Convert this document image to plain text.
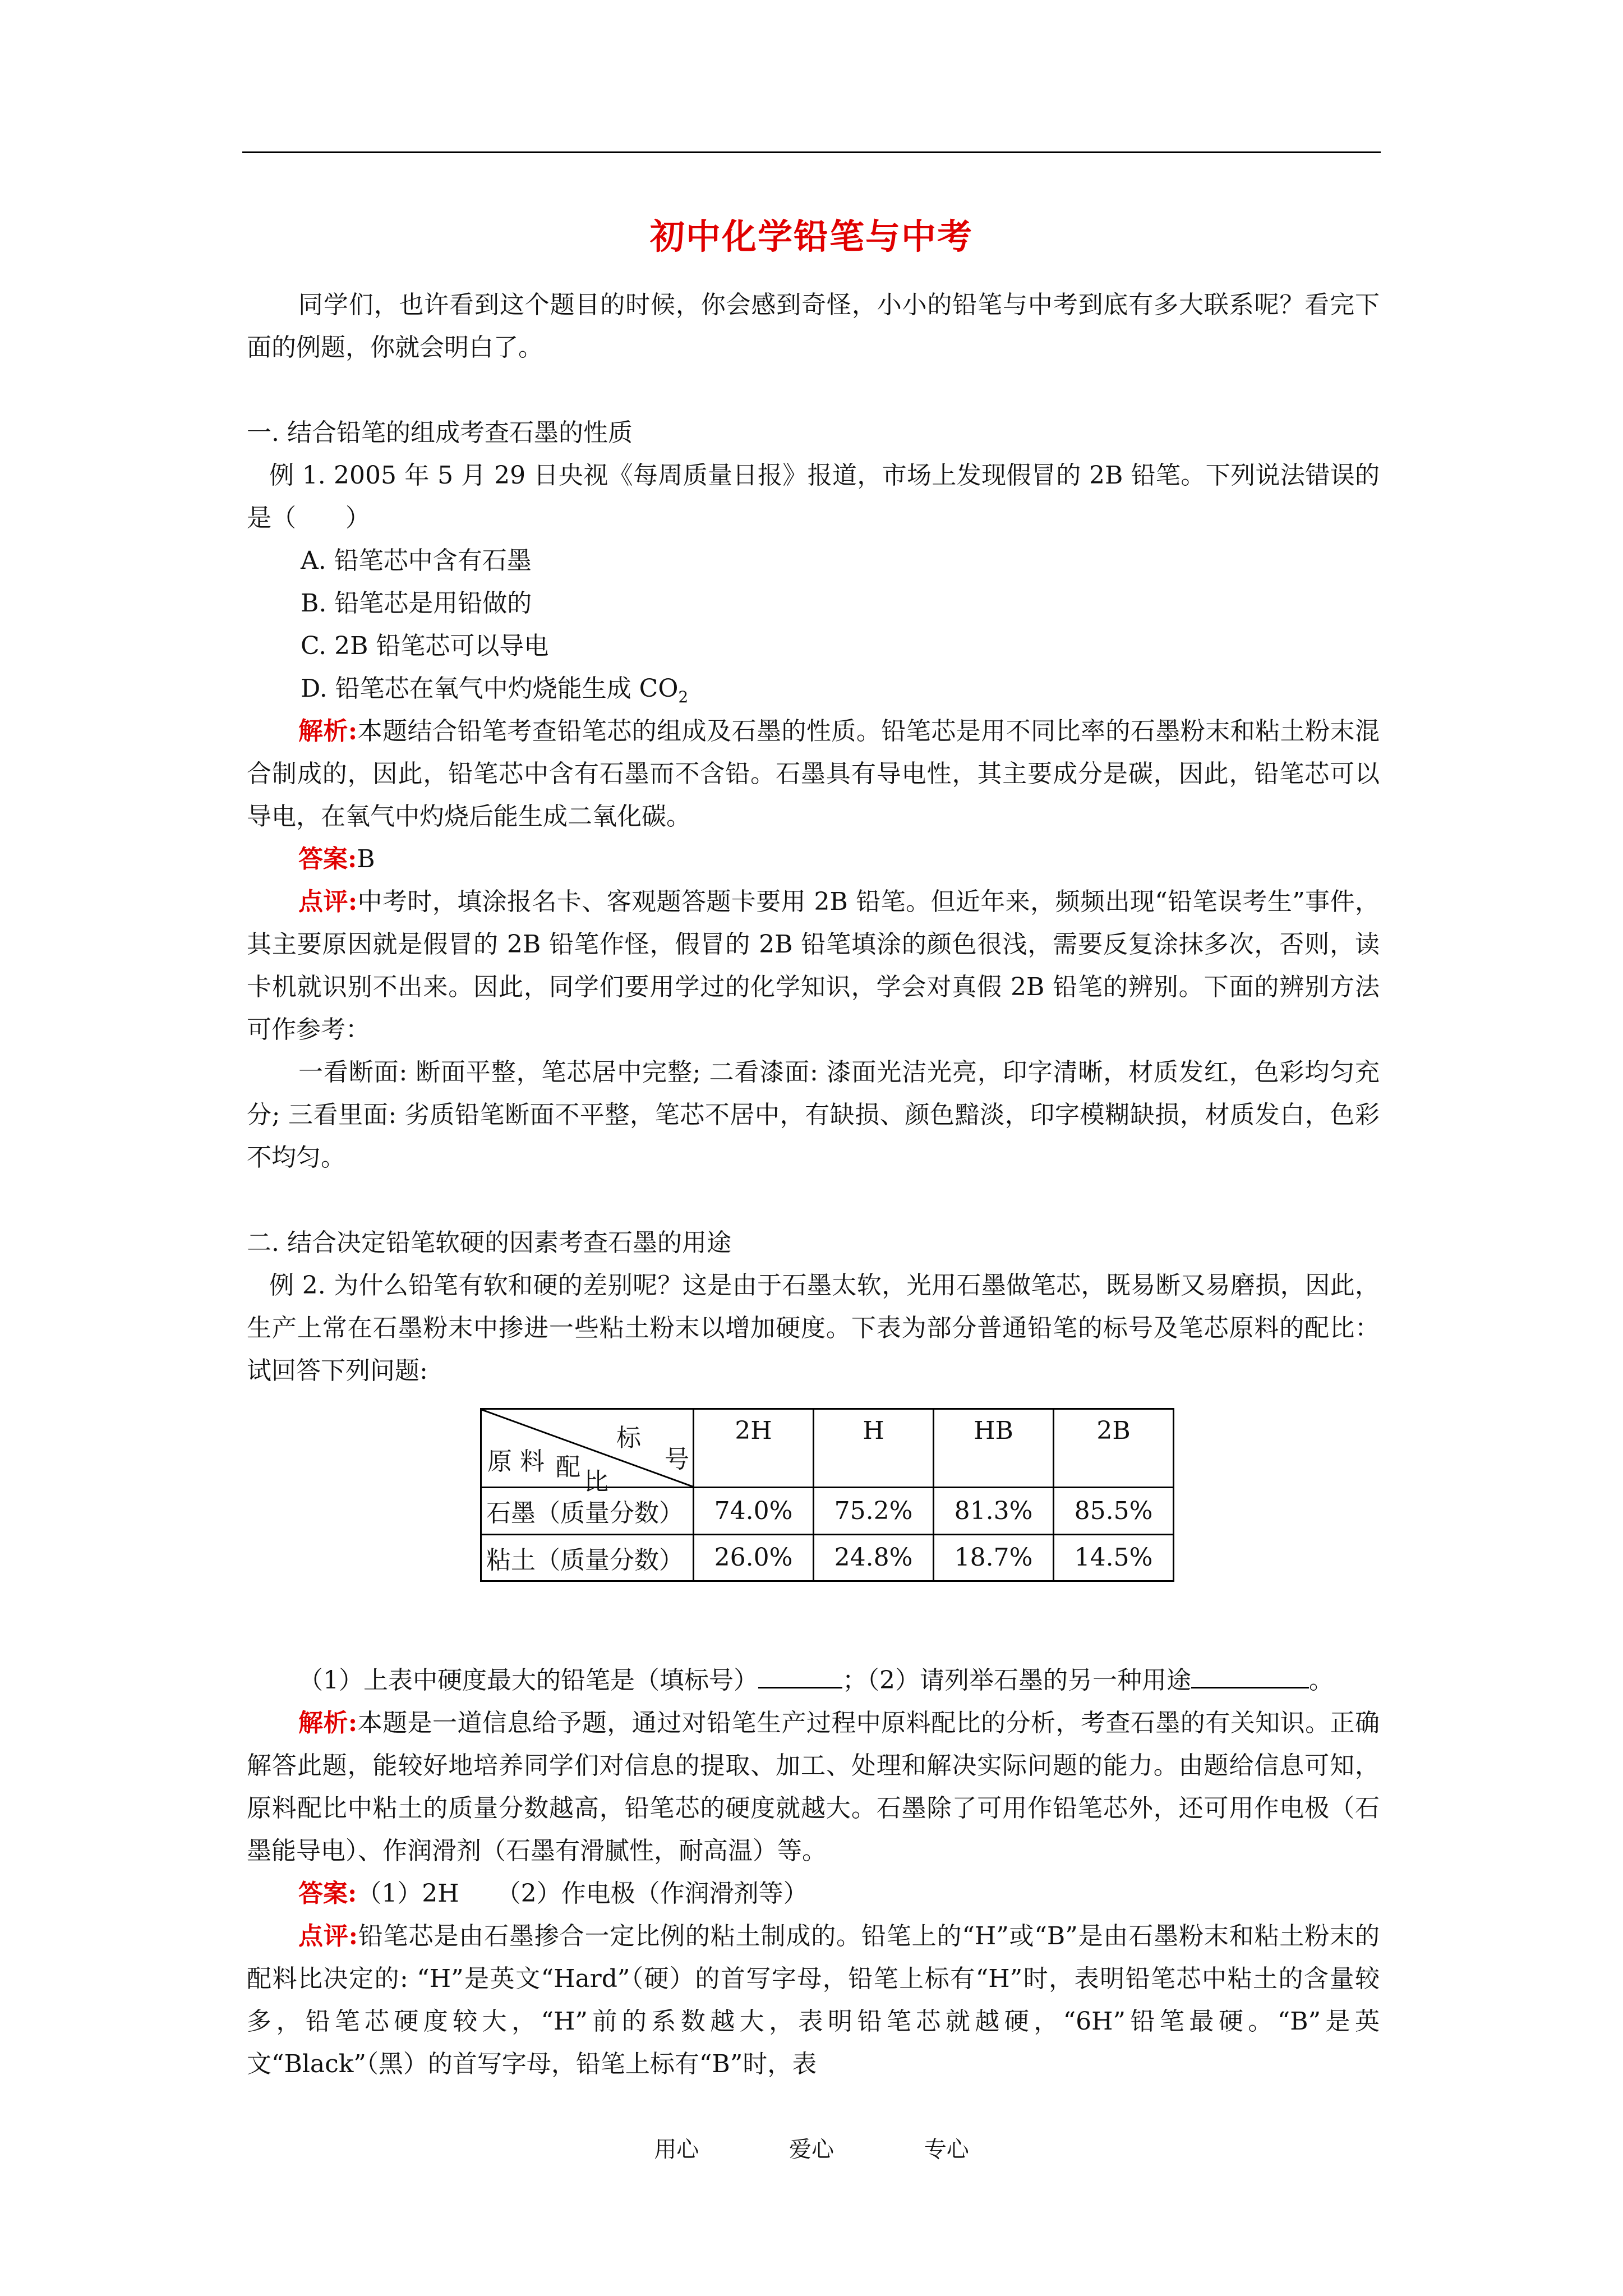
初中化学铅笔与中考
同学们，也许看到这个题目的时候，你会感到奇怪，小小的铅笔与中考到底有多大联系呢？看完下面的例题，你就会明白了。
一. 结合铅笔的组成考查石墨的性质
例 1. 2005 年 5 月 29 日央视《每周质量日报》报道，市场上发现假冒的 2B 铅笔。下列说法错误的是（　　）
A. 铅笔芯中含有石墨
B. 铅笔芯是用铅做的
C. 2B 铅笔芯可以导电
D. 铅笔芯在氧气中灼烧能生成 $CO_2$
解析:本题结合铅笔考查铅笔芯的组成及石墨的性质。铅笔芯是用不同比率的石墨粉末和粘土粉末混合制成的，因此，铅笔芯中含有石墨而不含铅。石墨具有导电性，其主要成分是碳，因此，铅笔芯可以导电，在氧气中灼烧后能生成二氧化碳。
答案:B
点评:中考时，填涂报名卡、客观题答题卡要用 2B 铅笔。但近年来，频频出现“铅笔误考生”事件，其主要原因就是假冒的 2B 铅笔作怪，假冒的 2B 铅笔填涂的颜色很浅，需要反复涂抹多次，否则，读卡机就识别不出来。因此，同学们要用学过的化学知识，学会对真假 2B 铅笔的辨别。下面的辨别方法可作参考：
一看断面: 断面平整，笔芯居中完整; 二看漆面: 漆面光洁光亮，印字清晰，材质发红，色彩均匀充分; 三看里面: 劣质铅笔断面不平整，笔芯不居中，有缺损、颜色黯淡，印字模糊缺损，材质发白，色彩不均匀。
二. 结合决定铅笔软硬的因素考查石墨的用途
例 2. 为什么铅笔有软和硬的差别呢？这是由于石墨太软，光用石墨做笔芯，既易断又易磨损，因此，生产上常在石墨粉末中掺进一些粘土粉末以增加硬度。下表为部分普通铅笔的标号及笔芯原料的配比：试回答下列问题:
标
号
原 料 配
比	2H	H	HB	2B
石墨（质量分数）	74.0%	75.2%	81.3%	85.5%
粘土（质量分数）	26.0%	24.8%	18.7%	14.5%
（1）上表中硬度最大的铅笔是（填标号）	；（2）请列举石墨的另一种用途	。
解析:本题是一道信息给予题，通过对铅笔生产过程中原料配比的分析，考查石墨的有关知识。正确解答此题，能较好地培养同学们对信息的提取、加工、处理和解决实际问题的能力。由题给信息可知，原料配比中粘土的质量分数越高，铅笔芯的硬度就越大。石墨除了可用作铅笔芯外，还可用作电极（石墨能导电）、作润滑剂（石墨有滑腻性，耐高温）等。
答案:（1）2H　　（2）作电极（作润滑剂等）
点评:铅笔芯是由石墨掺合一定比例的粘土制成的。铅笔上的“H”或“B”是由石墨粉末和粘土粉末的配料比决定的: “H”是英文“Hard”（硬）的首写字母，铅笔上标有“H”时，表明铅笔芯中粘土的含量较多，铅笔芯硬度较大，“H”前的系数越大，表明铅笔芯就越硬，“6H”铅笔最硬。“B”是英文“Black”（黑）的首写字母，铅笔上标有“B”时，表
用心	爱心	专心
